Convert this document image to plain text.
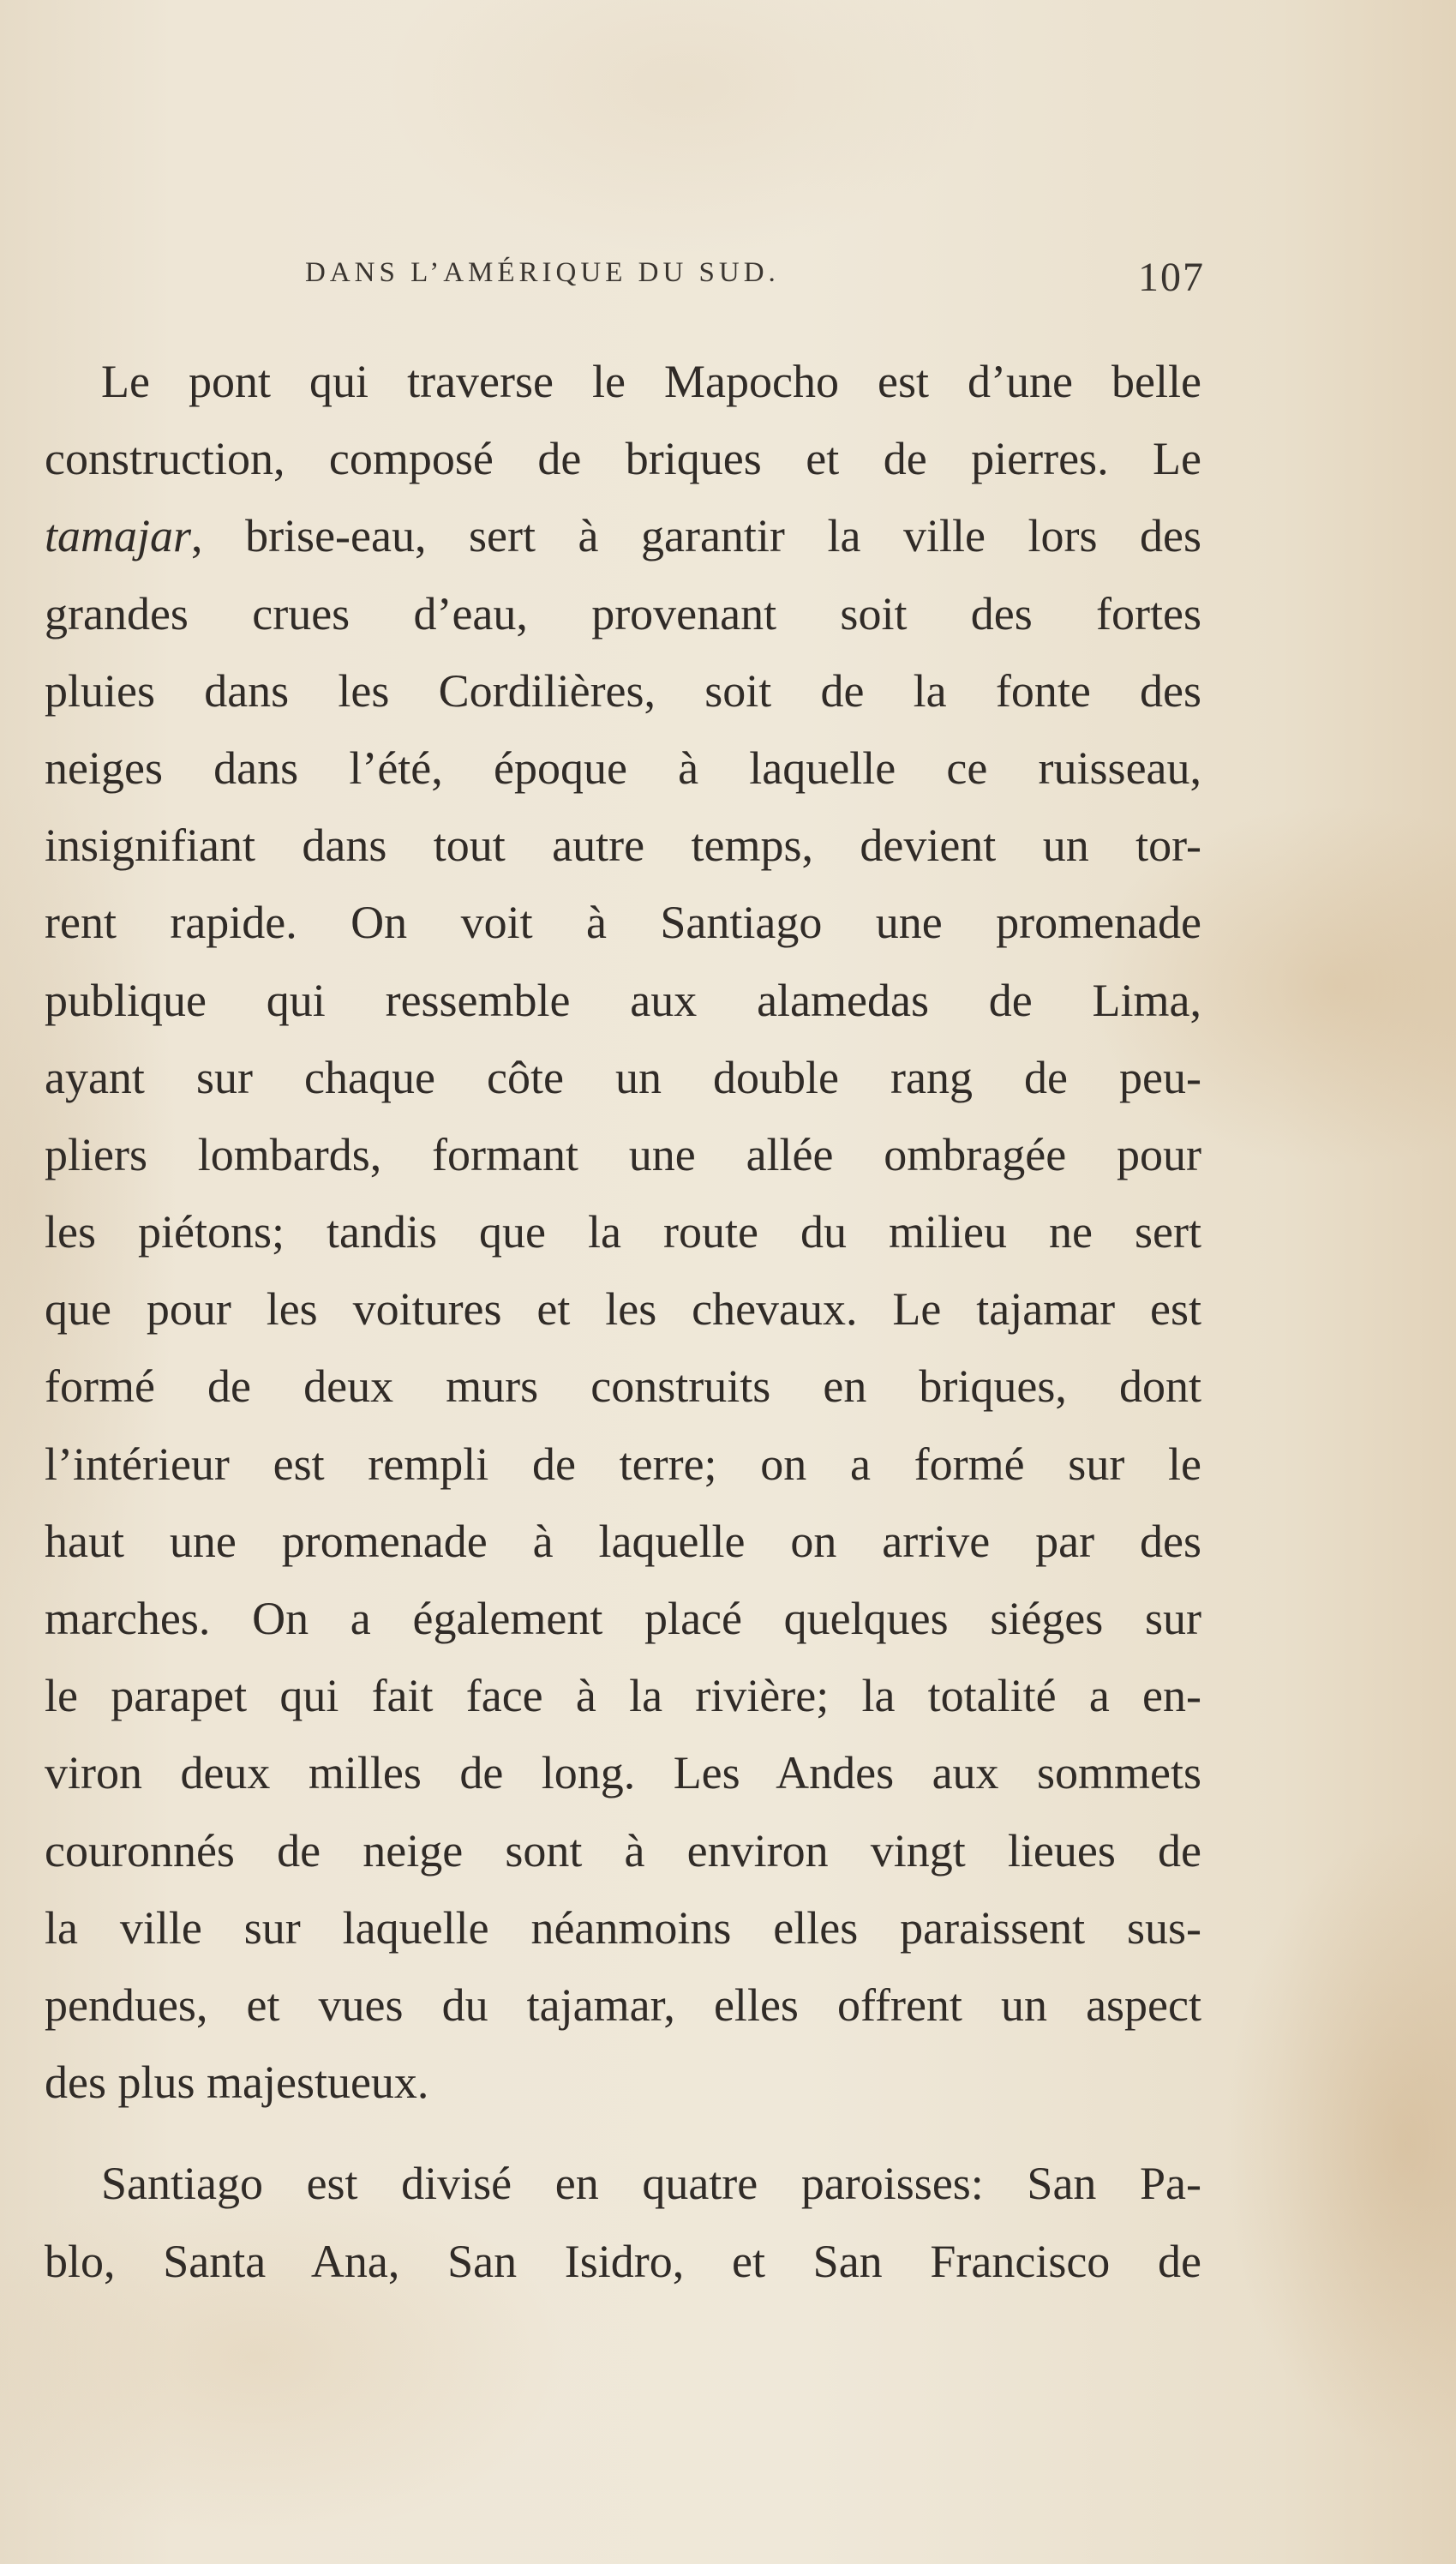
DANS L’AMÉRIQUE DU SUD.	107
Le pont qui traverse le Mapocho est d’une belle
construction, composé de briques et de pierres. Le
tamajar, brise-eau, sert à garantir la ville lors des
grandes crues d’eau, provenant soit des fortes
pluies dans les Cordilières, soit de la fonte des
neiges dans l’été, époque à laquelle ce ruisseau,
insignifiant dans tout autre temps, devient un tor-
rent rapide. On voit à Santiago une promenade
publique qui ressemble aux alamedas de Lima,
ayant sur chaque côte un double rang de peu-
pliers lombards, formant une allée ombragée pour
les piétons; tandis que la route du milieu ne sert
que pour les voitures et les chevaux. Le tajamar est
formé de deux murs construits en briques, dont
l’intérieur est rempli de terre; on a formé sur le
haut une promenade à laquelle on arrive par des
marches. On a également placé quelques siéges sur
le parapet qui fait face à la rivière; la totalité a en-
viron deux milles de long. Les Andes aux sommets
couronnés de neige sont à environ vingt lieues de
la ville sur laquelle néanmoins elles paraissent sus-
pendues, et vues du tajamar, elles offrent un aspect
des plus majestueux.
Santiago est divisé en quatre paroisses: San Pa-
blo, Santa Ana, San Isidro, et San Francisco de
